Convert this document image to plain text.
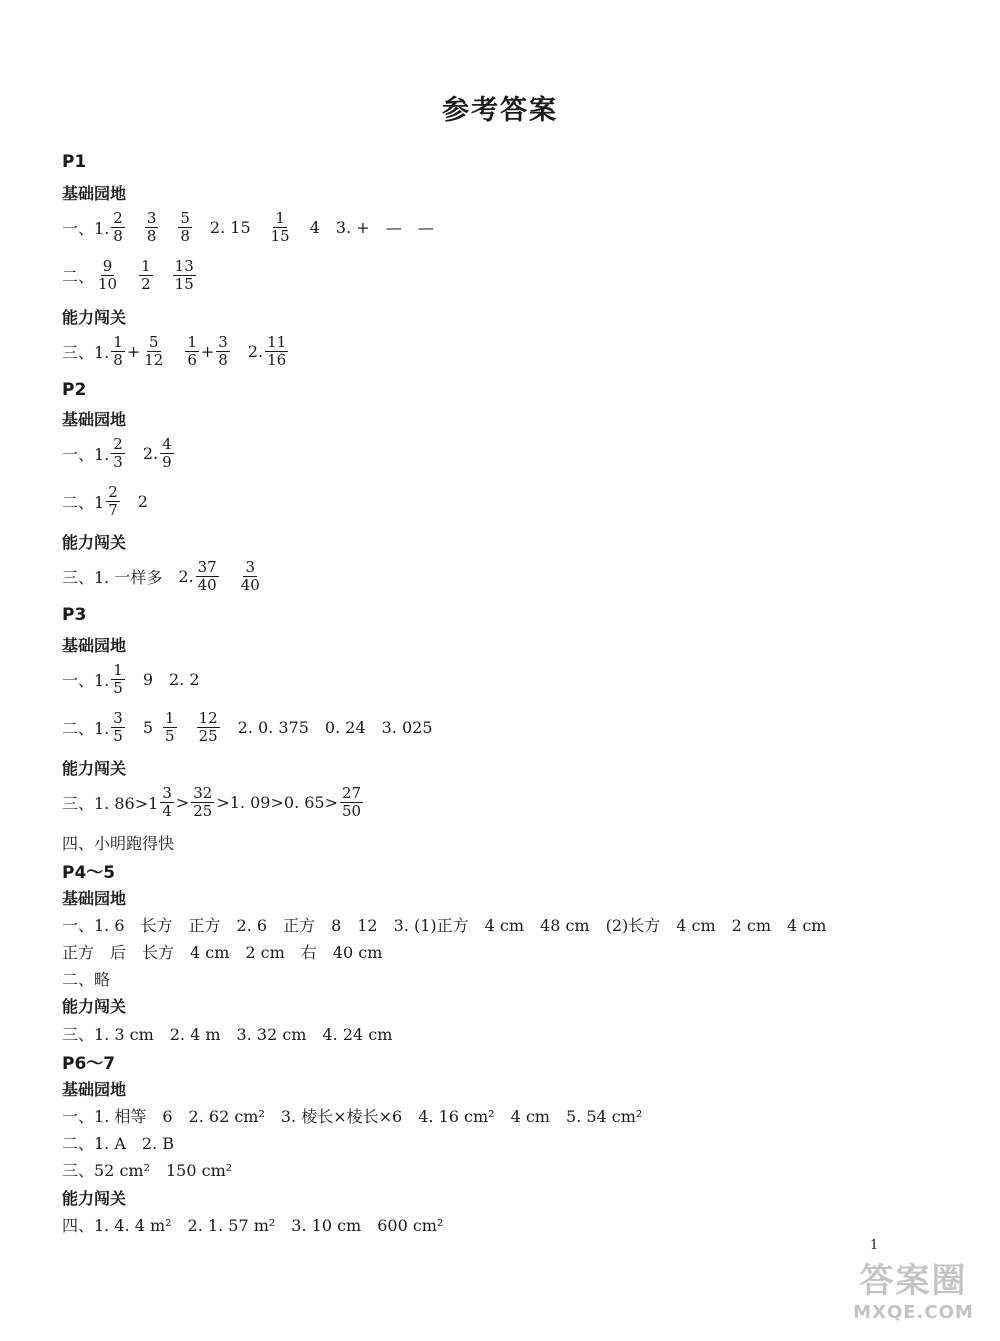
参考答案
P1
基础园地
一、1.
2
8
3
8
5
8 2. 15 1
15 4 3. + — —
二、
9
10
1
2
13
15
能力闯关
三、1.
1
$8 + \frac{5}{12} 1$
$6 + \frac{3}{8} 2$. 11
16
P2
基础园地
一、1.
2
3 2. 4
9
二、1
2
7 2
能力闯关
三、1. 一样多 2. 37
40
3
40
P3
基础园地
一、1.
1
5 9 2. 2
二、1.
3
5 5 1
5
12
25 2. 0. 375 0. 24 3. 025
能力闯关
三、1. 86>1
3
4 > 32
25 >1. 09>0. 65> 27
50
四、小明跑得快
P4～5
基础园地
一、1. 6　长方　正方　2. 6　正方　8　12　3. (1)正方　4 cm　48 cm　(2)长方　4 cm　2 cm　4 cm
正方　后　长方　4 cm　2 cm　右　40 cm
二、略
能力闯关
三、1. 3 cm　2. 4 m　3. 32 cm　4. 24 cm
P6～7
基础园地
一、1. 相等　6　2. 62 cm²　3. 棱长×棱长×6　4. 16 cm²　4 cm　5. 54 cm²
二、1. A　2. B
三、52 cm²　150 cm²
能力闯关
四、1. 4. 4 m²　2. 1. 57 m²　3. 10 cm　600 cm²
1
答案圈
MXQE.COM
